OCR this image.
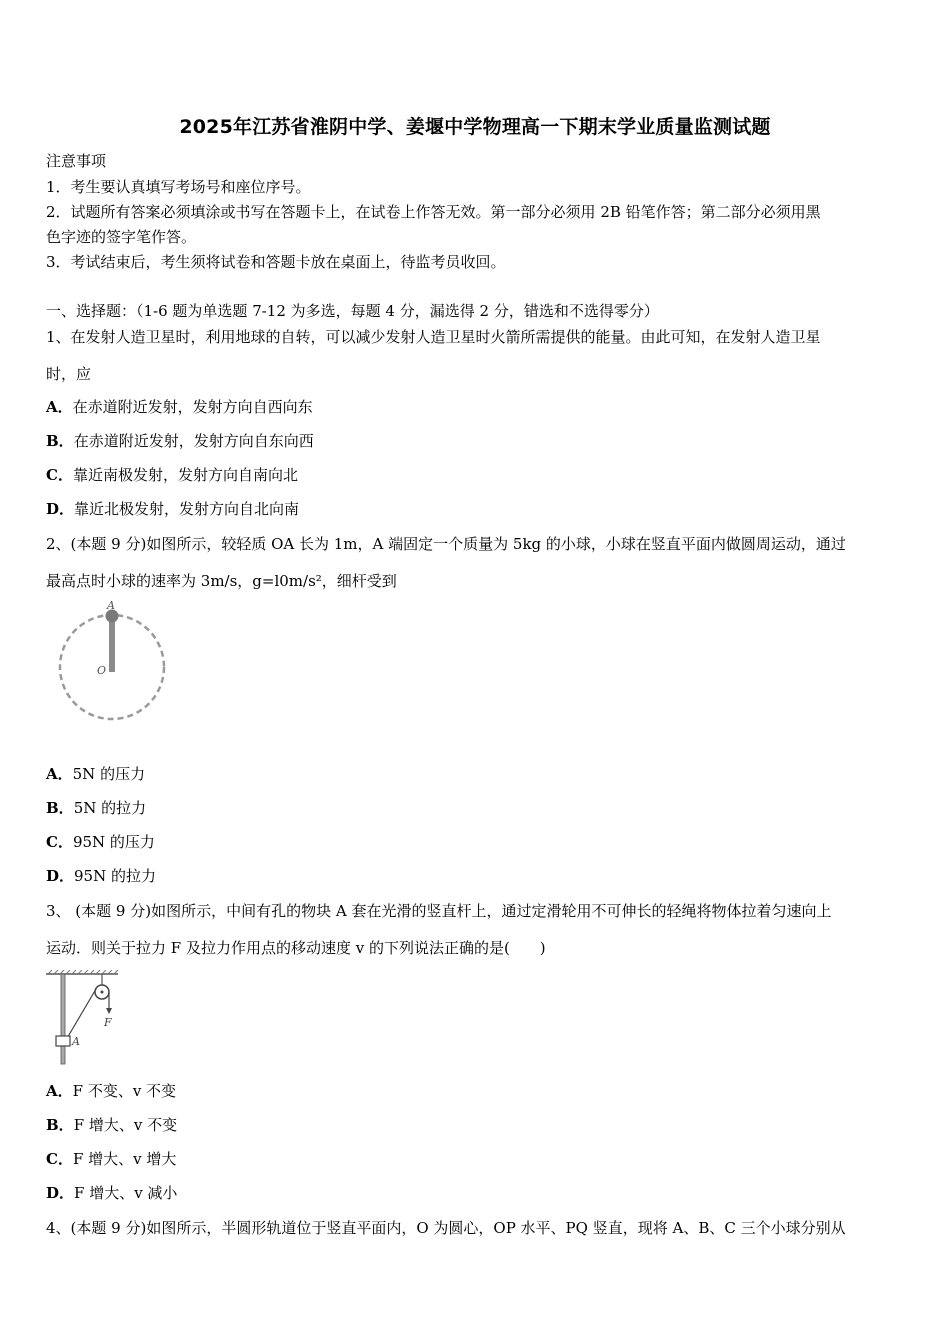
2025年江苏省淮阴中学、姜堰中学物理高一下期末学业质量监测试题
注意事项
1．考生要认真填写考场号和座位序号。
2．试题所有答案必须填涂或书写在答题卡上，在试卷上作答无效。第一部分必须用 2B 铅笔作答；第二部分必须用黑
色字迹的签字笔作答。
3．考试结束后，考生须将试卷和答题卡放在桌面上，待监考员收回。
一、选择题：（1-6 题为单选题 7-12 为多选，每题 4 分，漏选得 2 分，错选和不选得零分）
1、在发射人造卫星时，利用地球的自转，可以减少发射人造卫星时火箭所需提供的能量。由此可知，在发射人造卫星
时，应
A．在赤道附近发射，发射方向自西向东
B．在赤道附近发射，发射方向自东向西
C．靠近南极发射，发射方向自南向北
D．靠近北极发射，发射方向自北向南
2、(本题 9 分)如图所示，较轻质 OA 长为 1m，A 端固定一个质量为 5kg 的小球，小球在竖直平面内做圆周运动，通过
最高点时小球的速率为 3m/s，g=l0m/s²，细杆受到
A
O
A．5N 的压力
B．5N 的拉力
C．95N 的压力
D．95N 的拉力
3、 (本题 9 分)如图所示，中间有孔的物块 A 套在光滑的竖直杆上，通过定滑轮用不可伸长的轻绳将物体拉着匀速向上
运动．则关于拉力 F 及拉力作用点的移动速度 v 的下列说法正确的是(　　)
F
A
A．F 不变、v 不变
B．F 增大、v 不变
C．F 增大、v 增大
D．F 增大、v 减小
4、(本题 9 分)如图所示，半圆形轨道位于竖直平面内，O 为圆心，OP 水平、PQ 竖直，现将 A、B、C 三个小球分别从
